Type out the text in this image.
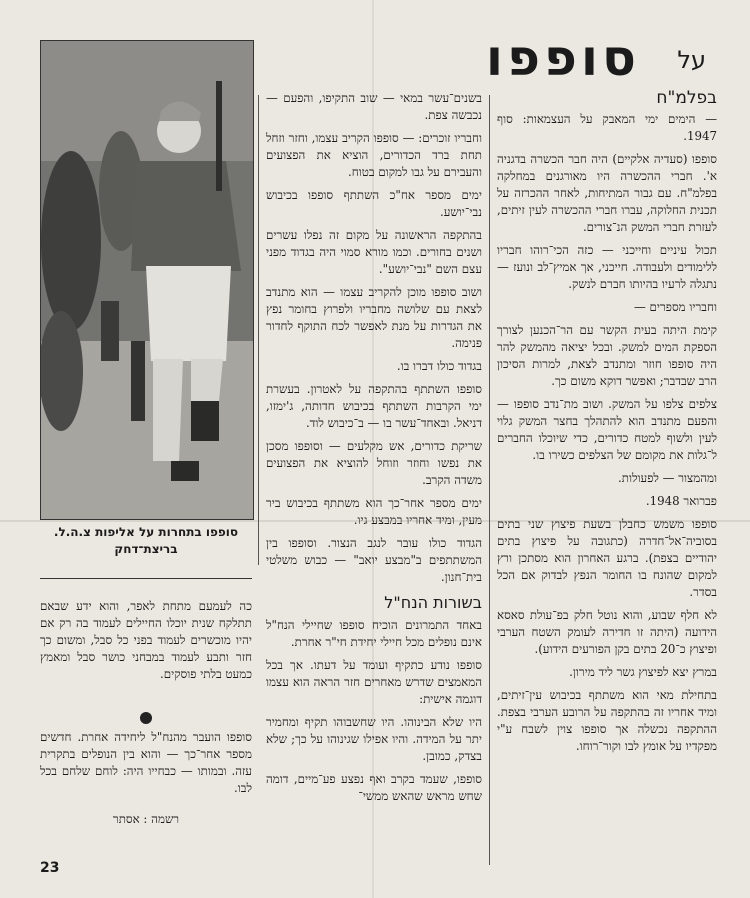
סופפו על
סופפו בתחרות על אליפות צ.ה.ל. בריצת־דחק
בפלמ"ח

— הימים ימי המאבק על העצמאות: סוף 1947.

סופפו (סעדיה אלקיים) היה חבר הכשרה בדגניה א'. חברי ההכשרה היו מאורגנים במחלקה בפלמ"ח. עם גבור המתיחות, לאחר ההכרזה על תכנית החלוקה, עברו חברי ההכשרה לעין זיתים, לעזרת חברי המשק הנ־צורים.

תכול עיניים וחייכני — כזה הכי־רוהו חבריו ללימודים ולעבודה. חייכני, אך אמיץ־לב ונועז — נתגלה לרעיו בהיותו חברם לנשק.

וחבריו מספרים —

קימת היתה בעית הקשר עם הר־הכנען לצורך הספקת המים למשק. ובכל יציאה מהמשק להר היה סופפו חוזר ומתנדב לצאת, למרות הסיכון הרב שבדבר; ואפשר דוקא משום כך.

צלפים צלפו על המשק. ושוב מת־נדב סופפו — והפעם מתנדב הוא להתהלך בחצר המשק גלוי לעין ולשוף למטח כדורים, כדי שיוכלו החברים ל־גלות את מקומם של הצלפים כשירו בו.

ומהמצור — לפעולות.

פברואר 1948.

סופפו משמש כחבלן בשעת פיצוץ שני בתים בסוביה־אל־חדרה (כתגובה על פיצוץ בתים יהודיים בצפת). ברגע האחרון הוא מסתכן ורץ למקום שהונח בו החומר הנפץ לבדוק אם הכל בסדר.

לא חלף שבוע, והוא נוטל חלק בפ־עולת סאסא הידועה (היתה זו חדירה לעומק השטח הערבי ופיצוץ כ־20 בתים בקן הפורעים הידוע).

במרץ יצא לפיצוץ גשר ליד מירון.

בתחילת מאי הוא משתתף בכיבוש עין־זיתים, ומיד אחריו זה בהתקפה על הרובע הערבי בצפת. ההתקפה נכשלה אך סופפו צוין לשבח ע"י מפקדיו על אומץ לבו וקור־רוחו.

בשנים־עשר במאי — שוב התקיפו, והפעם — נכבשה צפת.

וחבריו זוכרים: — סופפו הקריב עצמו, וחזר וזחל תחת ברד הכדורים, הוציא את הפצועים והעבירם על גבו למקום בטוח.

ימים מספר אח"כ השתתף סופפו בכיבוש נבי־יושע.

בהתקפה הראשונה על מקום זה נפלו עשרים ושנים בחורים. וכמו מורא סמוי היה בגדוד מפני עצם השם "נבי־יושע".

ושוב סופפו מוכן להקריב עצמו — הוא מתנדב לצאת עם שלושה מחבריו ולפרוץ בחומר נפץ את הגדרות על מנת לאפשר לכח התוקף לחדור פנימה.

בגדוד כולו דברו בו.

סופפו השתתף בהתקפה על לאטרון. בעשרת ימי הקרבות השתתף בכיבוש חדותה, ג'ימזו, דניאל. ובאחד־עשר בו — ב־כיבוש לוד.

שריקת כדורים, אש מקלעים — וסופפו מסכן את נפשו וחוזר וזוחל להוציא את הפצועים משדה הקרב.

ימים מספר אחר־כך הוא משתתף בכיבוש ביר מעין, ומיד אחריו במבצע גיו.

הגדוד כולו עובר לנגב הנצור. וסופפו בין המשתתפים ב"מבצע יואב" — כבוש משלטי בית־חנון.

בשורות הנח"ל

באחד התמרונים הוכיח סופפו שחיילי הנח"ל אינם נופלים מכל חיילי יחידת חי"ר אחרת.

סופפו נודע כתקיף ועומד על דעתו. אך בכל המאמצים שדרש מאחרים חזר הראה הוא עצמו דוגמה אישית:

היו שלא הבינוהו. היו שחשבוהו תקיף ומחמיר יתר על המידה. והיו אפילו שגינוהו על כך; שלא בצדק, כמובן.

סופפו, שעמד בקרב ואף נפצע פע־מיים, דומה שחש מראש שהאש ממשי־

כה לעמעם מתחת לאפר, והוא ידע שבאם תתלקח שנית יוכלו החיילים לעמוד בה רק אם יהיו מוכשרים לעמוד בפני כל סבל, ומשום כך חזר ותבע לעמוד במבחני כושר סבל ומאמץ כמעט בלתי פוסקים.

סופפו הועבר מהנח"ל ליחידה אחרת. חדשים מספר אחר־כך — והוא בין הנופלים בתקרית עזה. ובמותו — כבחייו היה: לוחם שלחם בכל לבו.

רשמה : אסתר

23
